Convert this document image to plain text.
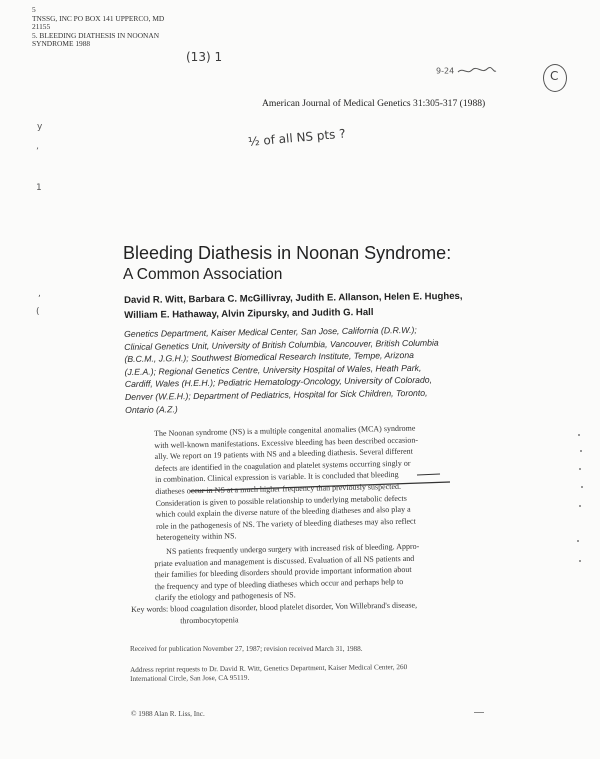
5
TNSSG, INC PO BOX 141 UPPERCO, MD
21155
5. BLEEDING DIATHESIS IN NOONAN
SYNDROME 1988
(13) 1
9-24	C
American Journal of Medical Genetics 31:305-317 (1988)
½ of all NS pts ?
y
’
(
,
1
Bleeding Diathesis in Noonan Syndrome:
A Common Association
David R. Witt, Barbara C. McGillivray, Judith E. Allanson, Helen E. Hughes,
William E. Hathaway, Alvin Zipursky, and Judith G. Hall
Genetics Department, Kaiser Medical Center, San Jose, California (D.R.W.);
Clinical Genetics Unit, University of British Columbia, Vancouver, British Columbia
(B.C.M., J.G.H.); Southwest Biomedical Research Institute, Tempe, Arizona
(J.E.A.); Regional Genetics Centre, University Hospital of Wales, Heath Park,
Cardiff, Wales (H.E.H.); Pediatric Hematology-Oncology, University of Colorado,
Denver (W.E.H.); Department of Pediatrics, Hospital for Sick Children, Toronto,
Ontario (A.Z.)
The Noonan syndrome (NS) is a multiple congenital anomalies (MCA) syndrome
with well-known manifestations. Excessive bleeding has been described occasion-
ally. We report on 19 patients with NS and a bleeding diathesis. Several different
defects are identified in the coagulation and platelet systems occurring singly or
in combination. Clinical expression is variable. It is concluded that bleeding
diatheses occur in NS at a much higher frequency than previously suspected.
Consideration is given to possible relationship to underlying metabolic defects
which could explain the diverse nature of the bleeding diatheses and also play a
role in the pathogenesis of NS. The variety of bleeding diatheses may also reflect
heterogeneity within NS.
NS patients frequently undergo surgery with increased risk of bleeding. Appro-
priate evaluation and management is discussed. Evaluation of all NS patients and
their families for bleeding disorders should provide important information about
the frequency and type of bleeding diatheses which occur and perhaps help to
clarify the etiology and pathogenesis of NS.
Key words: blood coagulation disorder, blood platelet disorder, Von Willebrand's disease,
thrombocytopenia
Received for publication November 27, 1987; revision received March 31, 1988.
Address reprint requests to Dr. David R. Witt, Genetics Department, Kaiser Medical Center, 260
International Circle, San Jose, CA 95119.
© 1988 Alan R. Liss, Inc.
